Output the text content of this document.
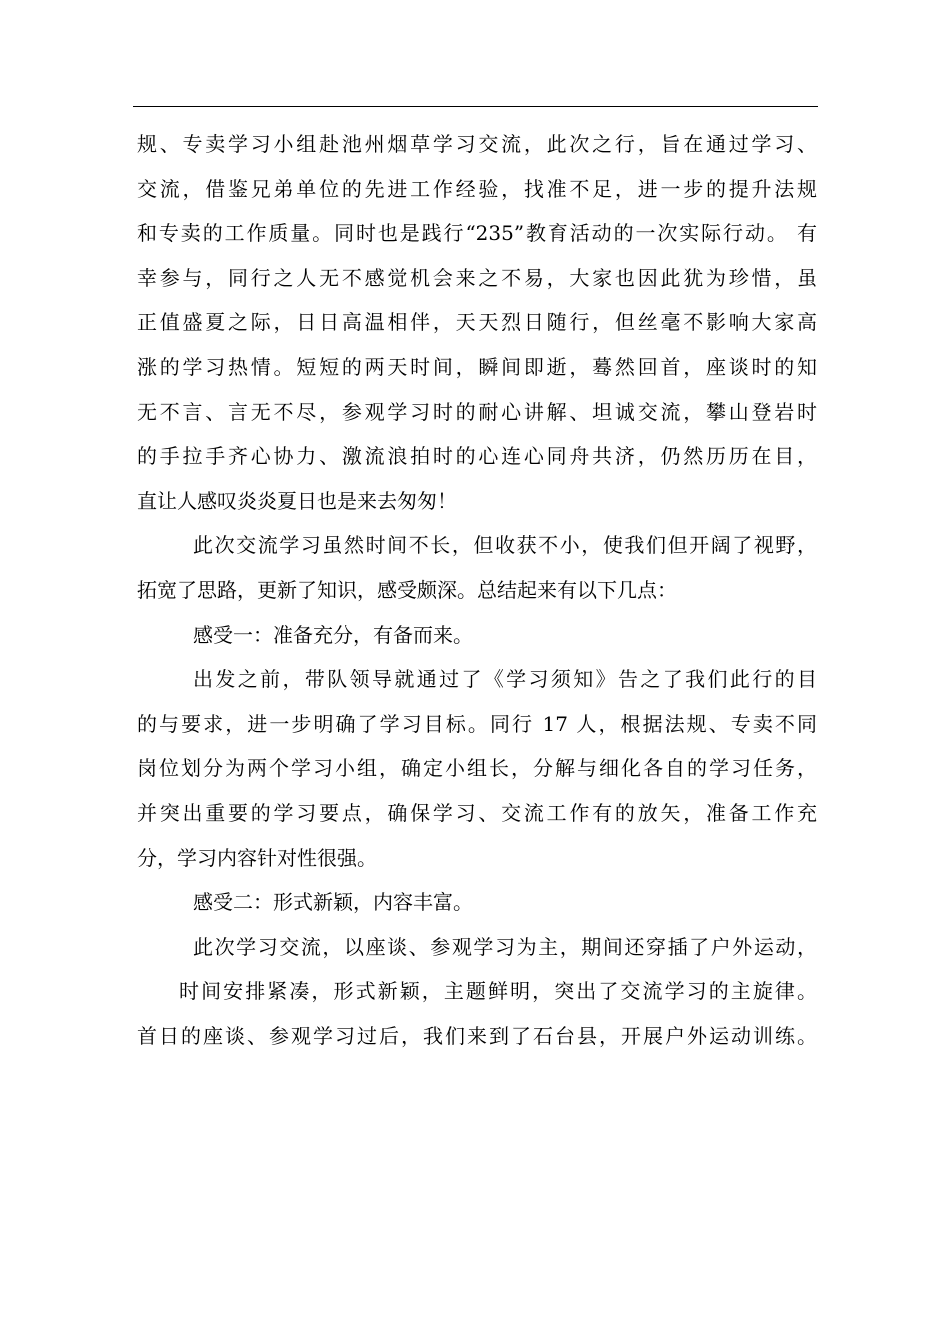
规、专卖学习小组赴池州烟草学习交流，此次之行，旨在通过学习、
交流，借鉴兄弟单位的先进工作经验，找准不足，进一步的提升法规
和专卖的工作质量。同时也是践行“235”教育活动的一次实际行动。 有
幸参与，同行之人无不感觉机会来之不易，大家也因此犹为珍惜，虽
正值盛夏之际，日日高温相伴，天天烈日随行，但丝毫不影响大家高
涨的学习热情。短短的两天时间，瞬间即逝，蓦然回首，座谈时的知
无不言、言无不尽，参观学习时的耐心讲解、坦诚交流，攀山登岩时
的手拉手齐心协力、激流浪拍时的心连心同舟共济，仍然历历在目，
直让人感叹炎炎夏日也是来去匆匆！
此次交流学习虽然时间不长，但收获不小，使我们但开阔了视野，
拓宽了思路，更新了知识，感受颇深。总结起来有以下几点：
感受一：准备充分，有备而来。
出发之前，带队领导就通过了《学习须知》告之了我们此行的目
的与要求，进一步明确了学习目标。同行 17 人，根据法规、专卖不同
岗位划分为两个学习小组，确定小组长，分解与细化各自的学习任务，
并突出重要的学习要点，确保学习、交流工作有的放矢，准备工作充
分，学习内容针对性很强。
感受二：形式新颖，内容丰富。
此次学习交流，以座谈、参观学习为主，期间还穿插了户外运动，
时间安排紧凑，形式新颖，主题鲜明，突出了交流学习的主旋律。
首日的座谈、参观学习过后，我们来到了石台县，开展户外运动训练。
